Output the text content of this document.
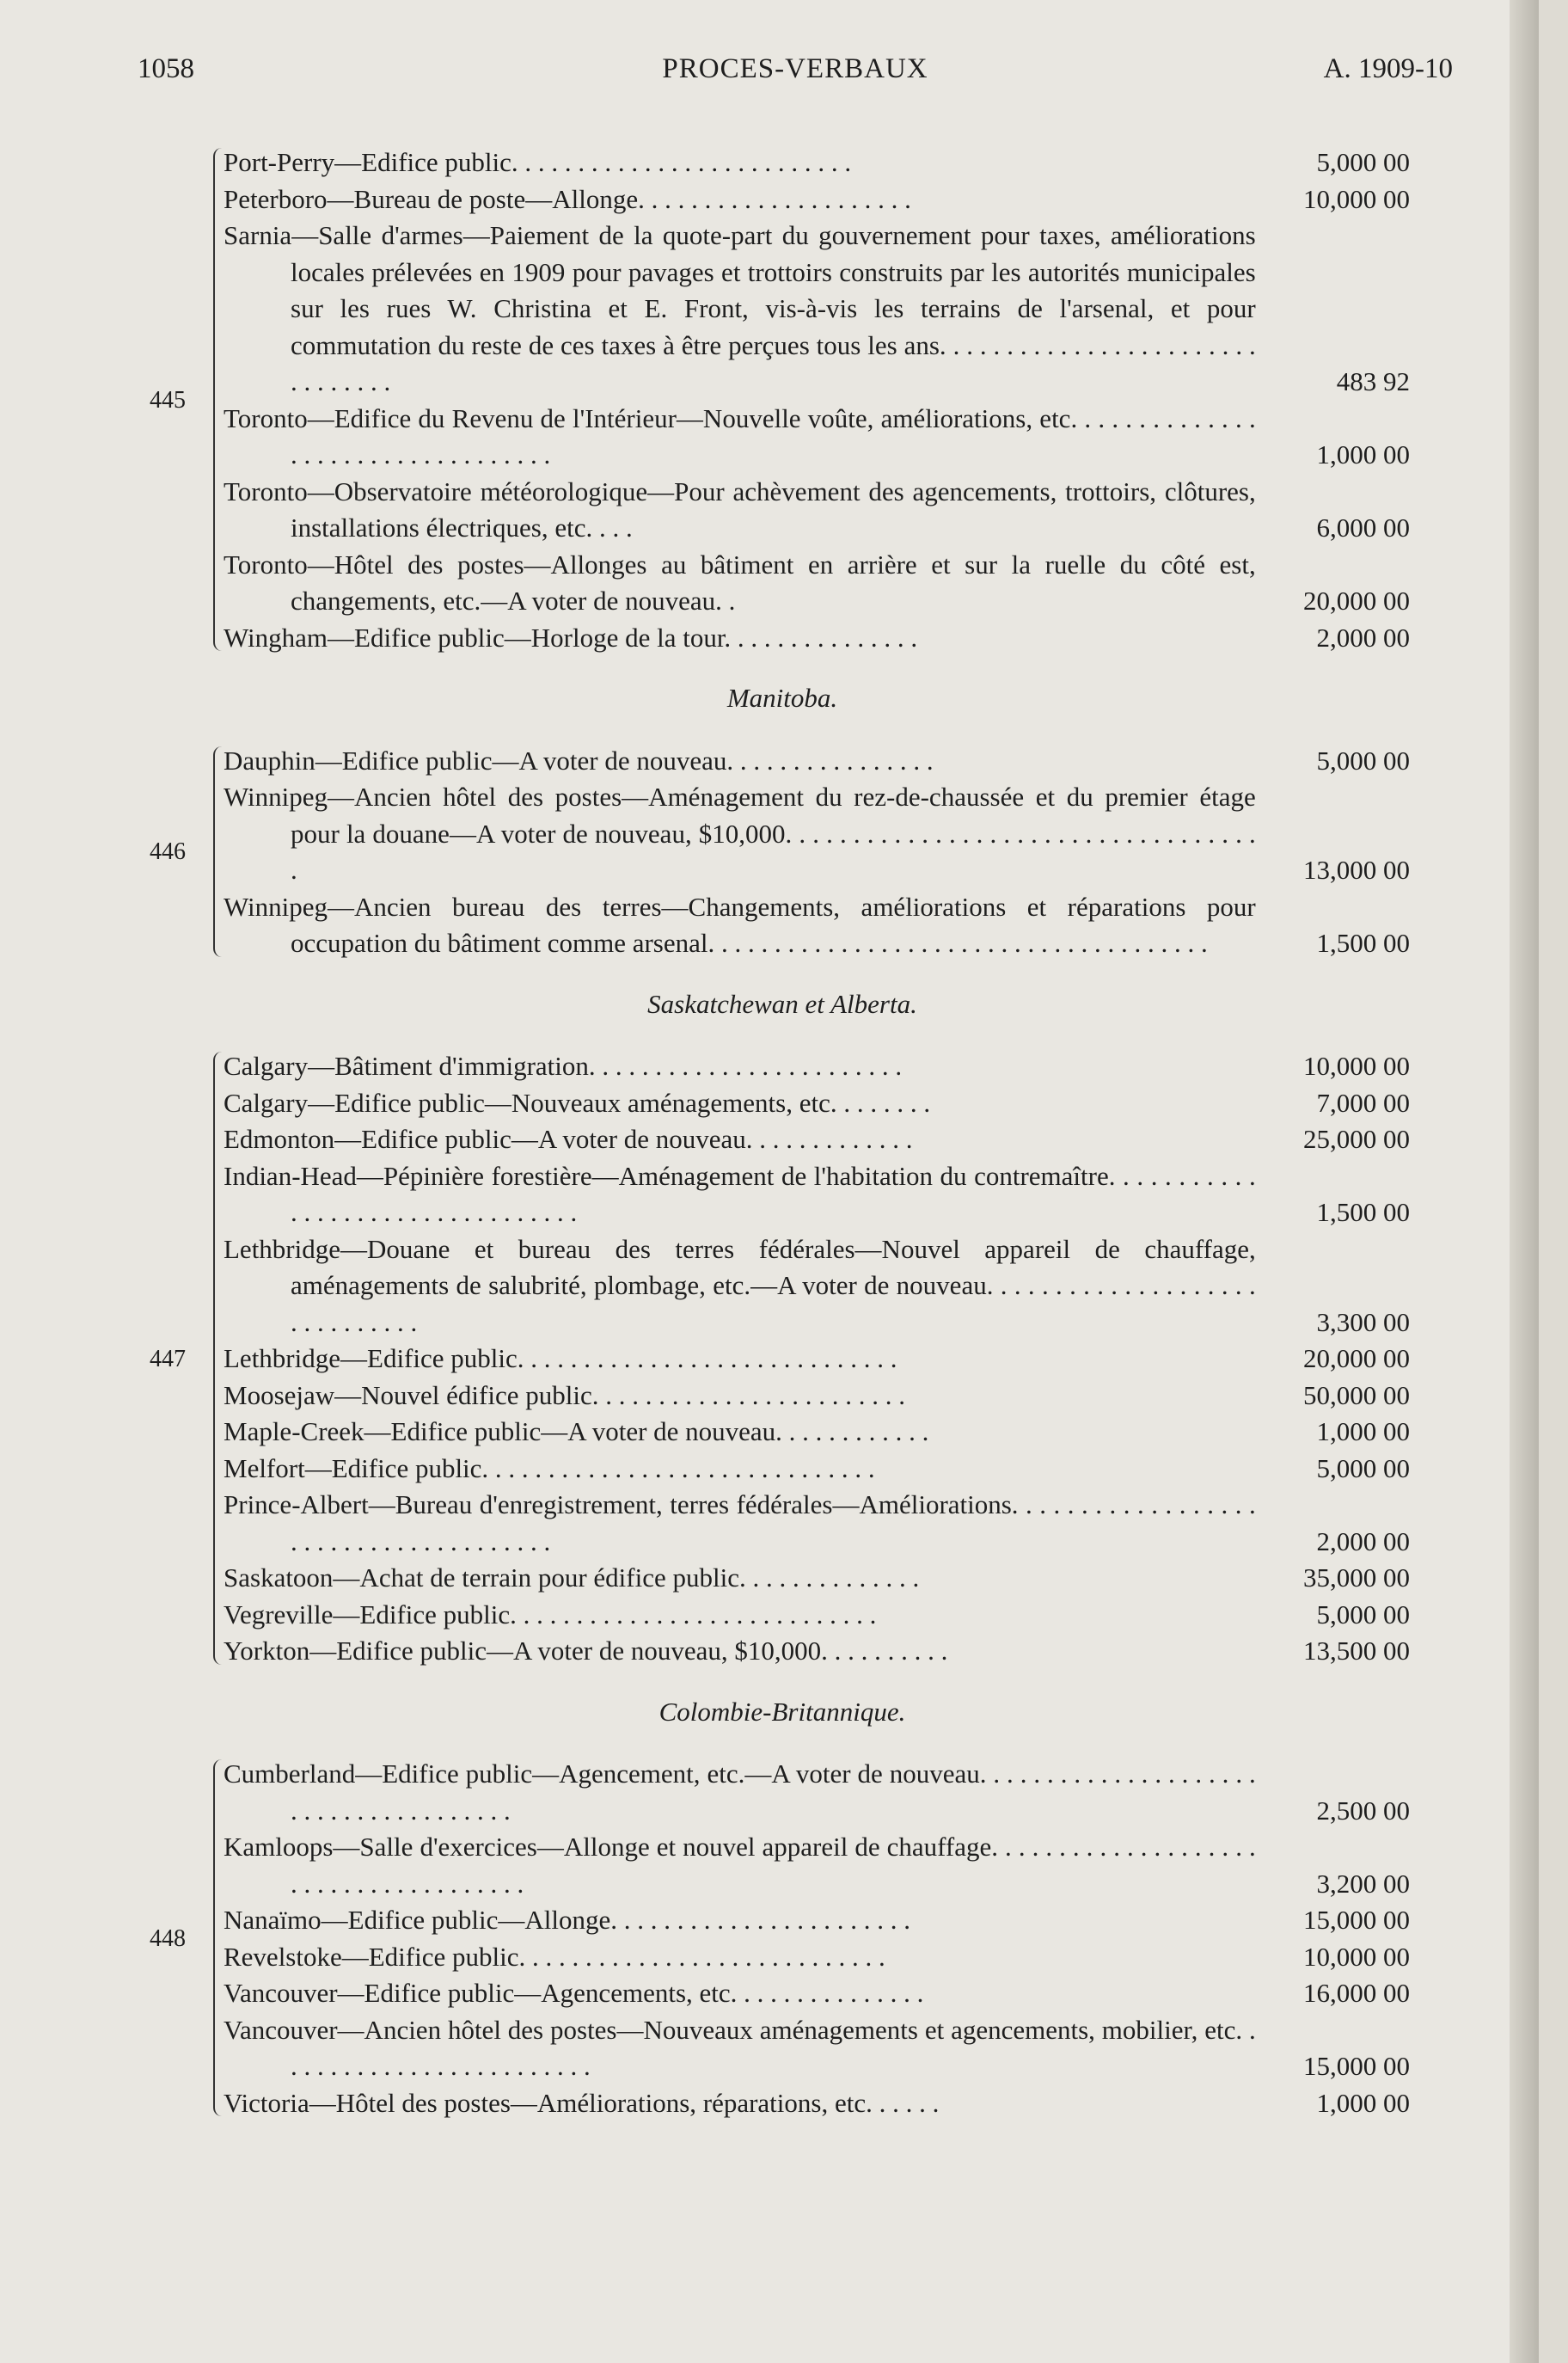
1058	PROCES-VERBAUX	A. 1909-10
445
Port-Perry—Edifice public. . . . . . . . . . . . . . . . . . . . . . . . . .	5,000 00
Peterboro—Bureau de poste—Allonge. . . . . . . . . . . . . . . . . . . . .	10,000 00
Sarnia—Salle d'armes—Paiement de la quote-part du gouvernement pour taxes, améliorations locales prélevées en 1909 pour pavages et trottoirs construits par les autorités municipales sur les rues W. Christina et E. Front, vis-à-vis les terrains de l'arsenal, et pour commutation du reste de ces taxes à être perçues tous les ans. . . . . . . . . . . . . . . . . . . . . . . . . . . . . . . .	483 92
Toronto—Edifice du Revenu de l'Intérieur—Nouvelle voûte, améliorations, etc. . . . . . . . . . . . . . . . . . . . . . . . . . . . . . . . . .	1,000 00
Toronto—Observatoire météorologique—Pour achèvement des agencements, trottoirs, clôtures, installations électriques, etc. . . .	6,000 00
Toronto—Hôtel des postes—Allonges au bâtiment en arrière et sur la ruelle du côté est, changements, etc.—A voter de nouveau. .	20,000 00
Wingham—Edifice public—Horloge de la tour. . . . . . . . . . . . . . .	2,000 00
Manitoba.
446
Dauphin—Edifice public—A voter de nouveau. . . . . . . . . . . . . . . .	5,000 00
Winnipeg—Ancien hôtel des postes—Aménagement du rez-de-chaussée et du premier étage pour la douane—A voter de nouveau, $10,000. . . . . . . . . . . . . . . . . . . . . . . . . . . . . . . . . . . .	13,000 00
Winnipeg—Ancien bureau des terres—Changements, améliorations et réparations pour occupation du bâtiment comme arsenal. . . . . . . . . . . . . . . . . . . . . . . . . . . . . . . . . . . . . .	1,500 00
Saskatchewan et Alberta.
447
Calgary—Bâtiment d'immigration. . . . . . . . . . . . . . . . . . . . . . . .	10,000 00
Calgary—Edifice public—Nouveaux aménagements, etc. . . . . . . .	7,000 00
Edmonton—Edifice public—A voter de nouveau. . . . . . . . . . . . .	25,000 00
Indian-Head—Pépinière forestière—Aménagement de l'habitation du contremaître. . . . . . . . . . . . . . . . . . . . . . . . . . . . . . . . .	1,500 00
Lethbridge—Douane et bureau des terres fédérales—Nouvel appareil de chauffage, aménagements de salubrité, plombage, etc.—A voter de nouveau. . . . . . . . . . . . . . . . . . . . . . . . . . . . . .	3,300 00
Lethbridge—Edifice public. . . . . . . . . . . . . . . . . . . . . . . . . . . . .	20,000 00
Moosejaw—Nouvel édifice public. . . . . . . . . . . . . . . . . . . . . . . .	50,000 00
Maple-Creek—Edifice public—A voter de nouveau. . . . . . . . . . . .	1,000 00
Melfort—Edifice public. . . . . . . . . . . . . . . . . . . . . . . . . . . . . .	5,000 00
Prince-Albert—Bureau d'enregistrement, terres fédérales—Améliorations. . . . . . . . . . . . . . . . . . . . . . . . . . . . . . . . . . . . . .	2,000 00
Saskatoon—Achat de terrain pour édifice public. . . . . . . . . . . . . .	35,000 00
Vegreville—Edifice public. . . . . . . . . . . . . . . . . . . . . . . . . . . .	5,000 00
Yorkton—Edifice public—A voter de nouveau, $10,000. . . . . . . . . .	13,500 00
Colombie-Britannique.
448
Cumberland—Edifice public—Agencement, etc.—A voter de nouveau. . . . . . . . . . . . . . . . . . . . . . . . . . . . . . . . . . . . . .	2,500 00
Kamloops—Salle d'exercices—Allonge et nouvel appareil de chauffage. . . . . . . . . . . . . . . . . . . . . . . . . . . . . . . . . . . . . .	3,200 00
Nanaïmo—Edifice public—Allonge. . . . . . . . . . . . . . . . . . . . . . .	15,000 00
Revelstoke—Edifice public. . . . . . . . . . . . . . . . . . . . . . . . . . . .	10,000 00
Vancouver—Edifice public—Agencements, etc. . . . . . . . . . . . . . .	16,000 00
Vancouver—Ancien hôtel des postes—Nouveaux aménagements et agencements, mobilier, etc. . . . . . . . . . . . . . . . . . . . . . . . .	15,000 00
Victoria—Hôtel des postes—Améliorations, réparations, etc. . . . . .	1,000 00
